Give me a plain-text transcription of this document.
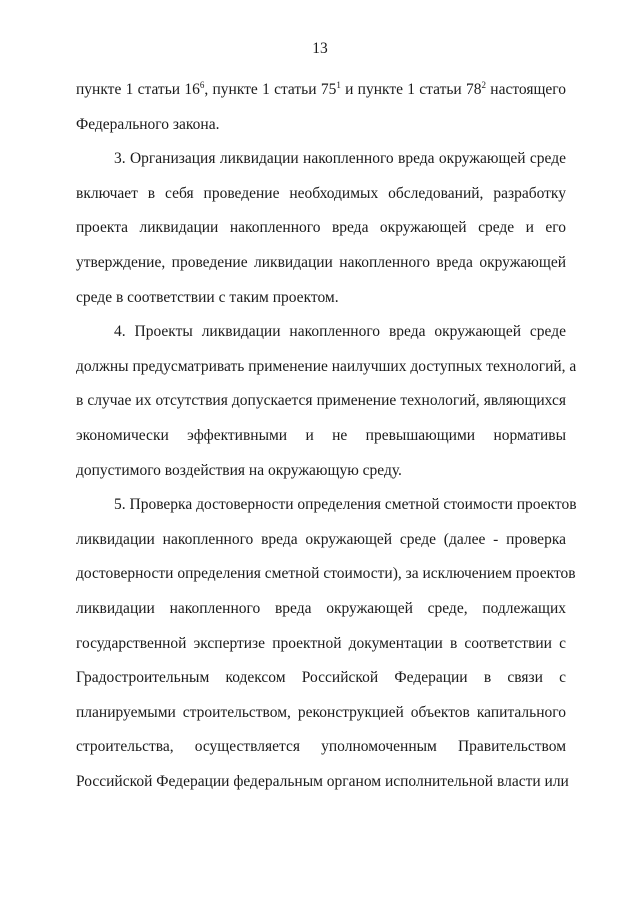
13

пункте 1 статьи $16^6$, пункте 1 статьи $75^1$ и пункте 1 статьи $78^2$ настоящего
Федерального закона.

3. Организация ликвидации накопленного вреда окружающей среде
включает в себя проведение необходимых обследований, разработку
проекта ликвидации накопленного вреда окружающей среде и его
утверждение, проведение ликвидации накопленного вреда окружающей
среде в соответствии с таким проектом.

4. Проекты ликвидации накопленного вреда окружающей среде
должны предусматривать применение наилучших доступных технологий, а
в случае их отсутствия допускается применение технологий, являющихся
экономически эффективными и не превышающими нормативы
допустимого воздействия на окружающую среду.

5. Проверка достоверности определения сметной стоимости проектов
ликвидации накопленного вреда окружающей среде (далее - проверка
достоверности определения сметной стоимости), за исключением проектов
ликвидации накопленного вреда окружающей среде, подлежащих
государственной экспертизе проектной документации в соответствии с
Градостроительным кодексом Российской Федерации в связи с
планируемыми строительством, реконструкцией объектов капитального
строительства, осуществляется уполномоченным Правительством
Российской Федерации федеральным органом исполнительной власти или
